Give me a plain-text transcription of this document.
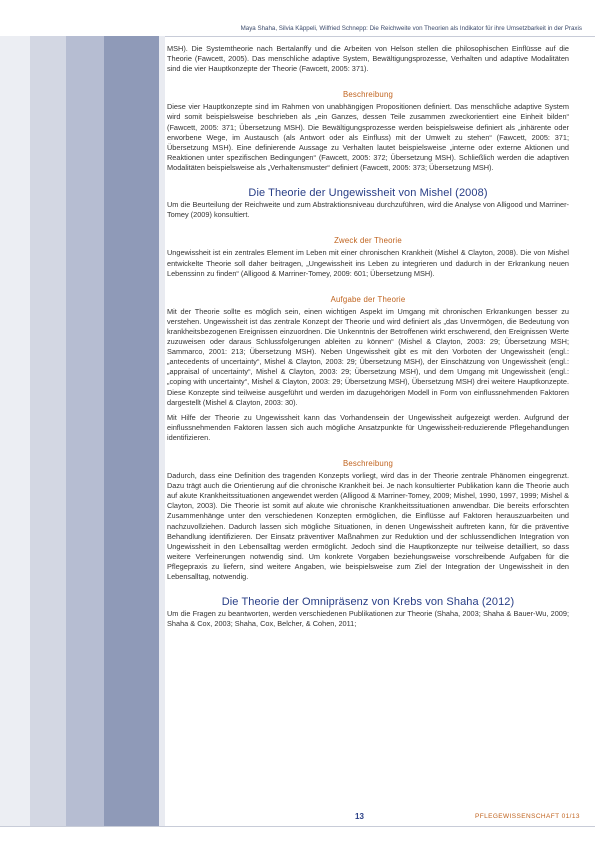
Maya Shaha, Silvia Käppeli, Wilfried Schnepp: Die Reichweite von Theorien als Indikator für ihre Umsetzbarkeit in der Praxis

MSH). Die Systemtheorie nach Bertalanffy und die Arbeiten von Helson stellen die philosophischen Einflüsse auf die Theorie (Fawcett, 2005). Das menschliche adaptive System, Bewältigungsprozesse, Verhalten und adaptive Modalitäten sind die vier Hauptkonzepte der Theorie (Fawcett, 2005: 371).

Beschreibung

Diese vier Hauptkonzepte sind im Rahmen von unabhängigen Propositionen definiert. Das menschliche adaptive System wird somit beispielsweise beschrieben als „ein Ganzes, dessen Teile zusammen zweckorientiert eine Einheit bilden“ (Fawcett, 2005: 371; Übersetzung MSH). Die Bewältigungsprozesse werden beispielsweise definiert als „inhärente oder erworbene Wege, im Austausch (als Antwort oder als Einfluss) mit der Umwelt zu stehen“ (Fawcett, 2005: 371; Übersetzung MSH). Eine definierende Aussage zu Verhalten lautet beispielsweise „interne oder externe Aktionen und Reaktionen unter spezifischen Bedingungen“ (Fawcett, 2005: 372; Übersetzung MSH). Schließlich werden die adaptiven Modalitäten beispielsweise als „Verhaltensmuster“ definiert (Fawcett, 2005: 373; Übersetzung MSH).

Die Theorie der Ungewissheit von Mishel (2008)

Um die Beurteilung der Reichweite und zum Abstraktionsniveau durchzuführen, wird die Analyse von Alligood und Marriner-Tomey (2009) konsultiert.

Zweck der Theorie

Ungewissheit ist ein zentrales Element im Leben mit einer chronischen Krankheit (Mishel & Clayton, 2008). Die von Mishel entwickelte Theorie soll daher beitragen, „Ungewissheit ins Leben zu integrieren und dadurch in der Erkrankung neuen Lebenssinn zu finden“ (Alligood & Marriner-Tomey, 2009: 601; Übersetzung MSH).

Aufgabe der Theorie

Mit der Theorie sollte es möglich sein, einen wichtigen Aspekt im Umgang mit chronischen Erkrankungen besser zu verstehen. Ungewissheit ist das zentrale Konzept der Theorie und wird definiert als „das Unvermögen, die Bedeutung von krankheitsbezogenen Ereignissen einzuordnen. Die Unkenntnis der Betroffenen wirkt erschwerend, den Ereignissen Werte zuzuweisen oder daraus Schlussfolgerungen ableiten zu können“ (Mishel & Clayton, 2003: 29; Übersetzung MSH; Sammarco, 2001: 213; Übersetzung MSH). Neben Ungewissheit gibt es mit den Vorboten der Ungewissheit (engl.: „antecedents of uncertainty“, Mishel & Clayton, 2003: 29; Übersetzung MSH), der Einschätzung von Ungewissheit (engl.: „appraisal of uncertainty“, Mishel & Clayton, 2003: 29; Übersetzung MSH), und dem Umgang mit Ungewissheit (engl.: „coping with uncertainty“, Mishel & Clayton, 2003: 29; Übersetzung MSH), Übersetzung MSH) drei weitere Hauptkonzepte. Diese Konzepte sind teilweise ausgeführt und werden im dazugehörigen Modell in Form von einflussnehmenden Faktoren dargestellt (Mishel & Clayton, 2003: 30).

Mit Hilfe der Theorie zu Ungewissheit kann das Vorhandensein der Ungewissheit aufgezeigt werden. Aufgrund der einflussnehmenden Faktoren lassen sich auch mögliche Ansatzpunkte für Ungewissheit-reduzierende Pflegehandlungen identifizieren.

Beschreibung

Dadurch, dass eine Definition des tragenden Konzepts vorliegt, wird das in der Theorie zentrale Phänomen eingegrenzt. Dazu trägt auch die Orientierung auf die chronische Krankheit bei. Je nach konsultierter Publikation kann die Theorie auch auf akute Krankheitssituationen angewendet werden (Alligood & Marriner-Tomey, 2009; Mishel, 1990, 1997, 1999; Mishel & Clayton, 2003). Die Theorie ist somit auf akute wie chronische Krankheitssituationen anwendbar. Die bereits erforschten Zusammenhänge unter den verschiedenen Konzepten ermöglichen, die Einflüsse auf Faktoren herauszuarbeiten und nachzuvollziehen. Dadurch lassen sich mögliche Situationen, in denen Ungewissheit auftreten kann, für die präventive Behandlung identifizieren. Der Einsatz präventiver Maßnahmen zur Reduktion und der schlussendlichen Integration von Ungewissheit in den Lebensalltag werden ermöglicht. Jedoch sind die Hauptkonzepte nur teilweise detailliert, so dass weitere Verfeinerungen notwendig sind. Um konkrete Vorgaben beziehungsweise vorschreibende Aufgaben für die Pflegepraxis zu liefern, sind weitere Angaben, wie beispielsweise zum Ziel der Integration der Ungewissheit in den Lebensalltag, notwendig.

Die Theorie der Omnipräsenz von Krebs von Shaha (2012)

Um die Fragen zu beantworten, werden verschiedenen Publikationen zur Theorie (Shaha, 2003; Shaha & Bauer-Wu, 2009; Shaha & Cox, 2003; Shaha, Cox, Belcher, & Cohen, 2011;

13	PFLEGEWISSENSCHAFT 01/13
